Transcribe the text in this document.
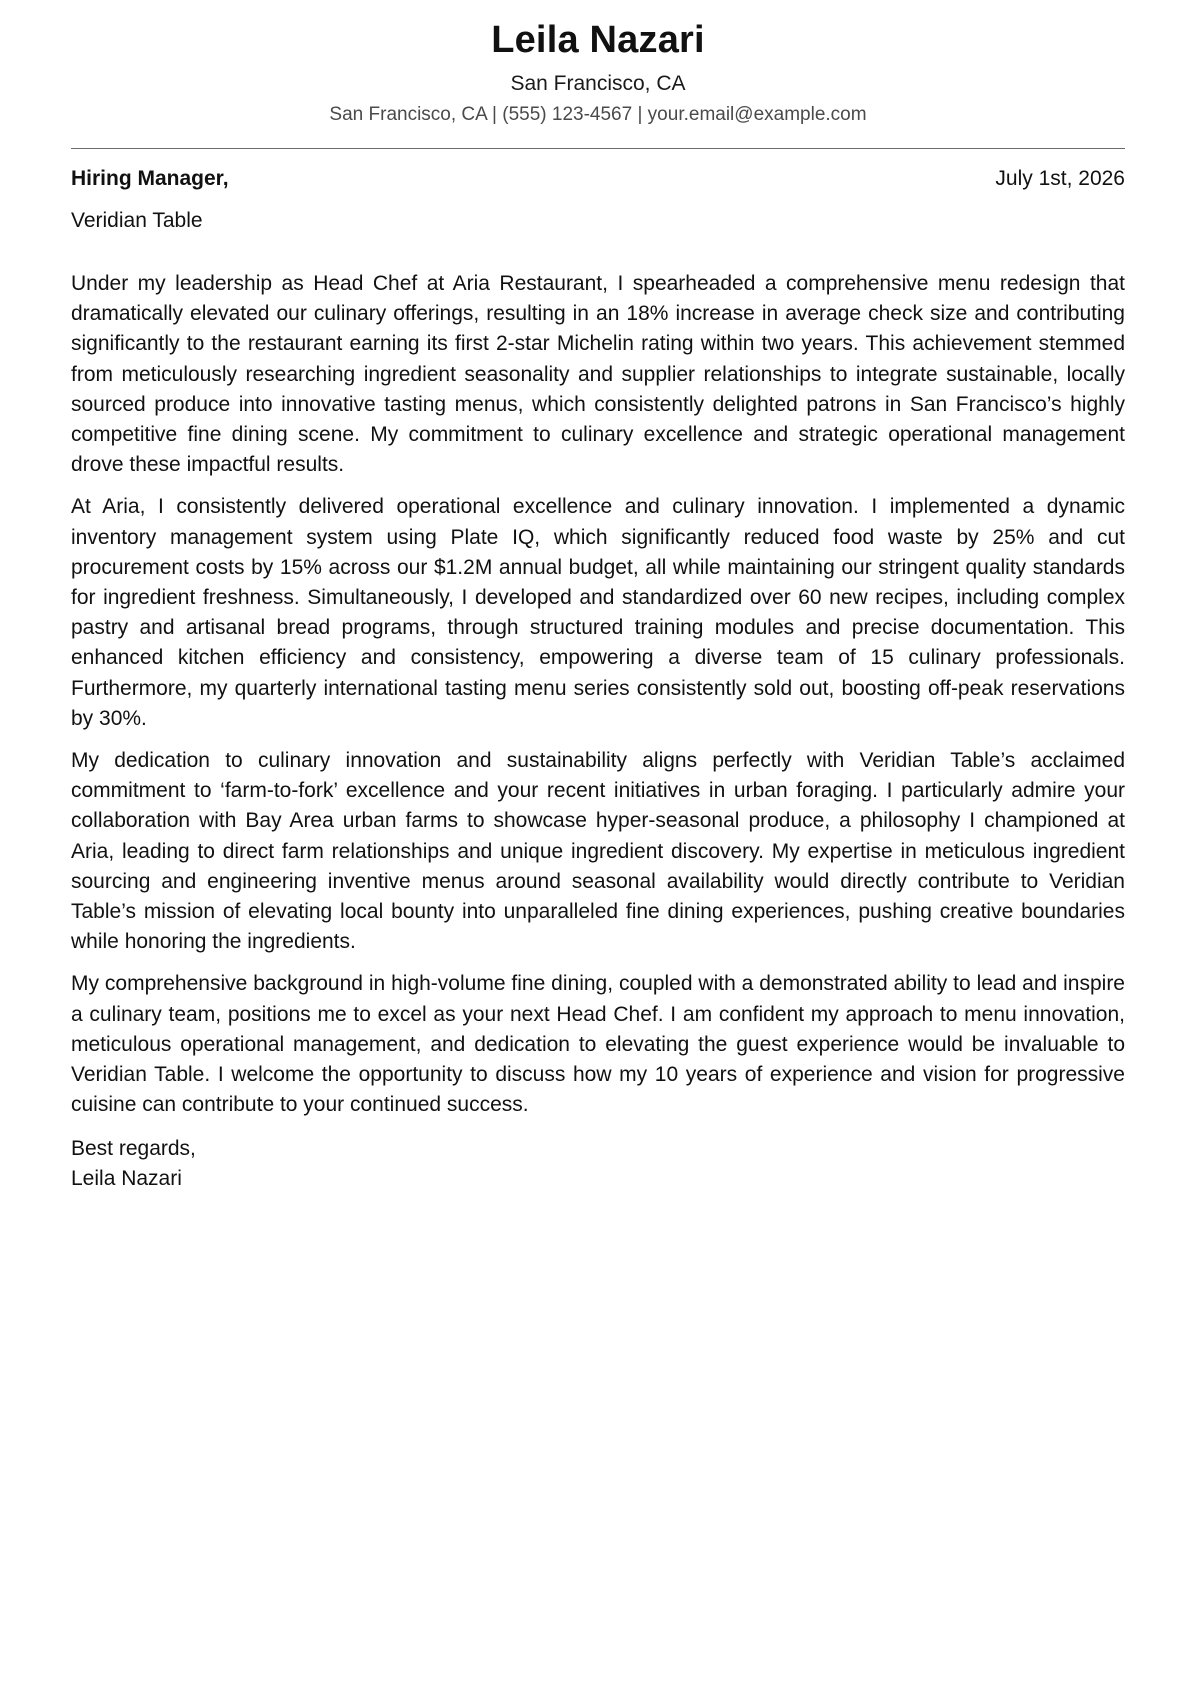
Leila Nazari
San Francisco, CA
San Francisco, CA | (555) 123-4567 | your.email@example.com
Hiring Manager,	July 1st, 2026
Veridian Table

Under my leadership as Head Chef at Aria Restaurant, I spearheaded a comprehensive menu redesign that dramatically elevated our culinary offerings, resulting in an 18% increase in average check size and contributing significantly to the restaurant earning its first 2-star Michelin rating within two years. This achievement stemmed from meticulously researching ingredient seasonality and supplier relationships to integrate sustainable, locally sourced produce into innovative tasting menus, which consistently delighted patrons in San Francisco’s highly competitive fine dining scene. My commitment to culinary excellence and strategic operational management drove these impactful results.

At Aria, I consistently delivered operational excellence and culinary innovation. I implemented a dynamic inventory management system using Plate IQ, which significantly reduced food waste by 25% and cut procurement costs by 15% across our $1.2M annual budget, all while maintaining our stringent quality standards for ingredient freshness. Simultaneously, I developed and standardized over 60 new recipes, including complex pastry and artisanal bread programs, through structured training modules and precise documentation. This enhanced kitchen efficiency and consistency, empowering a diverse team of 15 culinary professionals. Furthermore, my quarterly international tasting menu series consistently sold out, boosting off-peak reservations by 30%.

My dedication to culinary innovation and sustainability aligns perfectly with Veridian Table’s acclaimed commitment to ‘farm-to-fork’ excellence and your recent initiatives in urban foraging. I particularly admire your collaboration with Bay Area urban farms to showcase hyper-seasonal produce, a philosophy I championed at Aria, leading to direct farm relationships and unique ingredient discovery. My expertise in meticulous ingredient sourcing and engineering inventive menus around seasonal availability would directly contribute to Veridian Table’s mission of elevating local bounty into unparalleled fine dining experiences, pushing creative boundaries while honoring the ingredients.

My comprehensive background in high-volume fine dining, coupled with a demonstrated ability to lead and inspire a culinary team, positions me to excel as your next Head Chef. I am confident my approach to menu innovation, meticulous operational management, and dedication to elevating the guest experience would be invaluable to Veridian Table. I welcome the opportunity to discuss how my 10 years of experience and vision for progressive cuisine can contribute to your continued success.

Best regards,
Leila Nazari
